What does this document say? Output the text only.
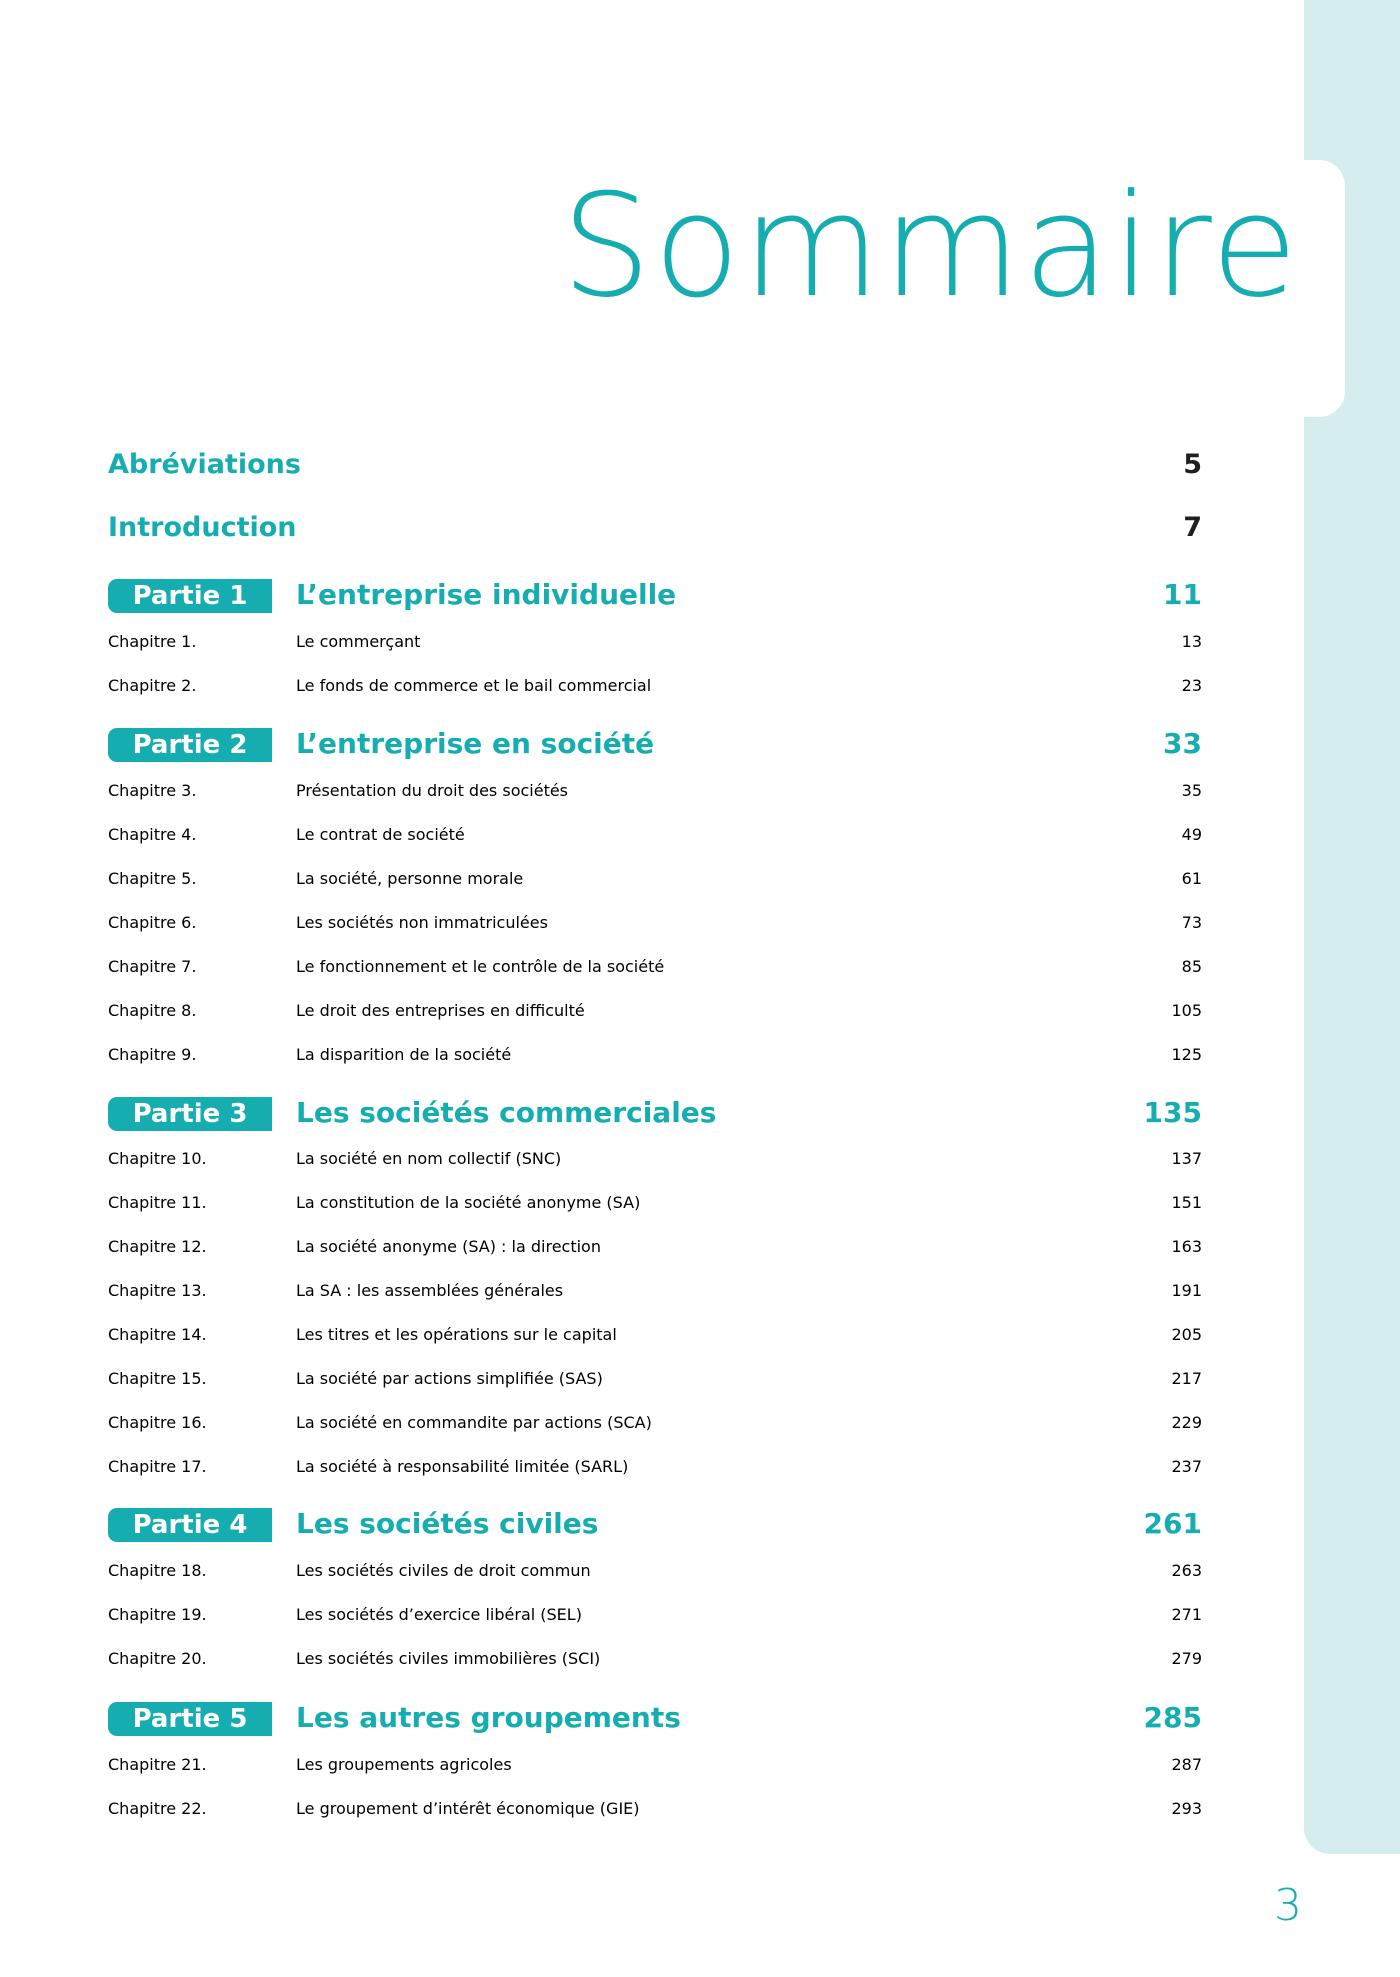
Sommaire
Abréviations	5
Introduction	7
Partie 1	L’entreprise individuelle	11
Chapitre 1.	Le commerçant	13
Chapitre 2.	Le fonds de commerce et le bail commercial	23
Partie 2	L’entreprise en société	33
Chapitre 3.	Présentation du droit des sociétés	35
Chapitre 4.	Le contrat de société	49
Chapitre 5.	La société, personne morale	61
Chapitre 6.	Les sociétés non immatriculées	73
Chapitre 7.	Le fonctionnement et le contrôle de la société	85
Chapitre 8.	Le droit des entreprises en difficulté	105
Chapitre 9.	La disparition de la société	125
Partie 3	Les sociétés commerciales	135
Chapitre 10.	La société en nom collectif (SNC)	137
Chapitre 11.	La constitution de la société anonyme (SA)	151
Chapitre 12.	La société anonyme (SA) : la direction	163
Chapitre 13.	La SA : les assemblées générales	191
Chapitre 14.	Les titres et les opérations sur le capital	205
Chapitre 15.	La société par actions simplifiée (SAS)	217
Chapitre 16.	La société en commandite par actions (SCA)	229
Chapitre 17.	La société à responsabilité limitée (SARL)	237
Partie 4	Les sociétés civiles	261
Chapitre 18.	Les sociétés civiles de droit commun	263
Chapitre 19.	Les sociétés d’exercice libéral (SEL)	271
Chapitre 20.	Les sociétés civiles immobilières (SCI)	279
Partie 5	Les autres groupements	285
Chapitre 21.	Les groupements agricoles	287
Chapitre 22.	Le groupement d’intérêt économique (GIE)	293
3
